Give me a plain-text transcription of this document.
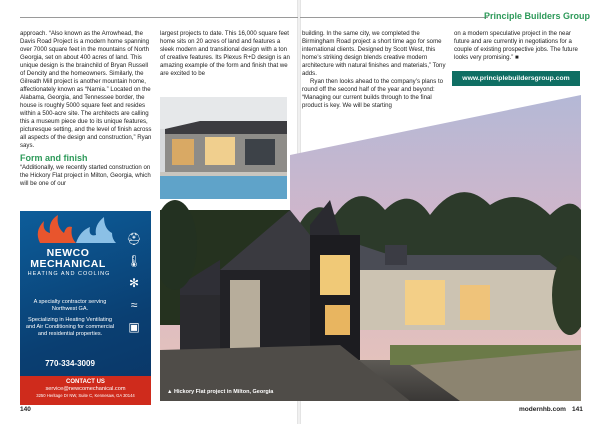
Principle Builders Group

approach. “Also known as the Arrowhead, the Davis Road Project is a modern home spanning over 7000 square feet in the mountains of North Georgia, set on about 400 acres of land. This unique design is the brainchild of Bryan Russell of Dencity and the homeowners. Similarly, the Gilreath Mill project is another mountain home, affectionately known as “Narnia.” Located on the Alabama, Georgia, and Tennessee border, the house is roughly 5000 square feet and resides within a 500-acre site. The architects are calling this a museum piece due to its unique features, picturesque setting, and the level of finish across all aspects of the design and construction,” Ryan says.

Form and finish

“Additionally, we recently started construction on the Hickory Flat project in Milton, Georgia, which will be one of our

largest projects to date. This 16,000 square feet home sits on 20 acres of land and features a sleek modern and transitional design with a ton of creative features. Its Plexus R+D design is an amazing example of the form and finish that we are excited to be

building. In the same city, we completed the Birmingham Road project a short time ago for some international clients. Designed by Scott West, this home’s striking design blends creative modern architecture with natural finishes and materials,” Tony adds.

Ryan then looks ahead to the company’s plans to round off the second half of the year and beyond: “Managing our current builds through to the final product is key. We will be starting

on a modern speculative project in the near future and are currently in negotiations for a couple of existing prospective jobs. The future looks very promising.” ■

www.principlebuildersgroup.com
▲ Hickory Flat project in Milton, Georgia
NEWCO
MECHANICAL
HEATING AND COOLING
⛑
🌡
✻
≈
▣

A specialty contractor serving Northwest GA.

Specializing in Heating Ventilating and Air Conditioning for commercial and residential properties.

770-334-3009
CONTACT US
service@newcomechanical.com
3250 Heritage Dr NW, Suite C, Kennesaw, GA 30144
140	modernhb.com 141
